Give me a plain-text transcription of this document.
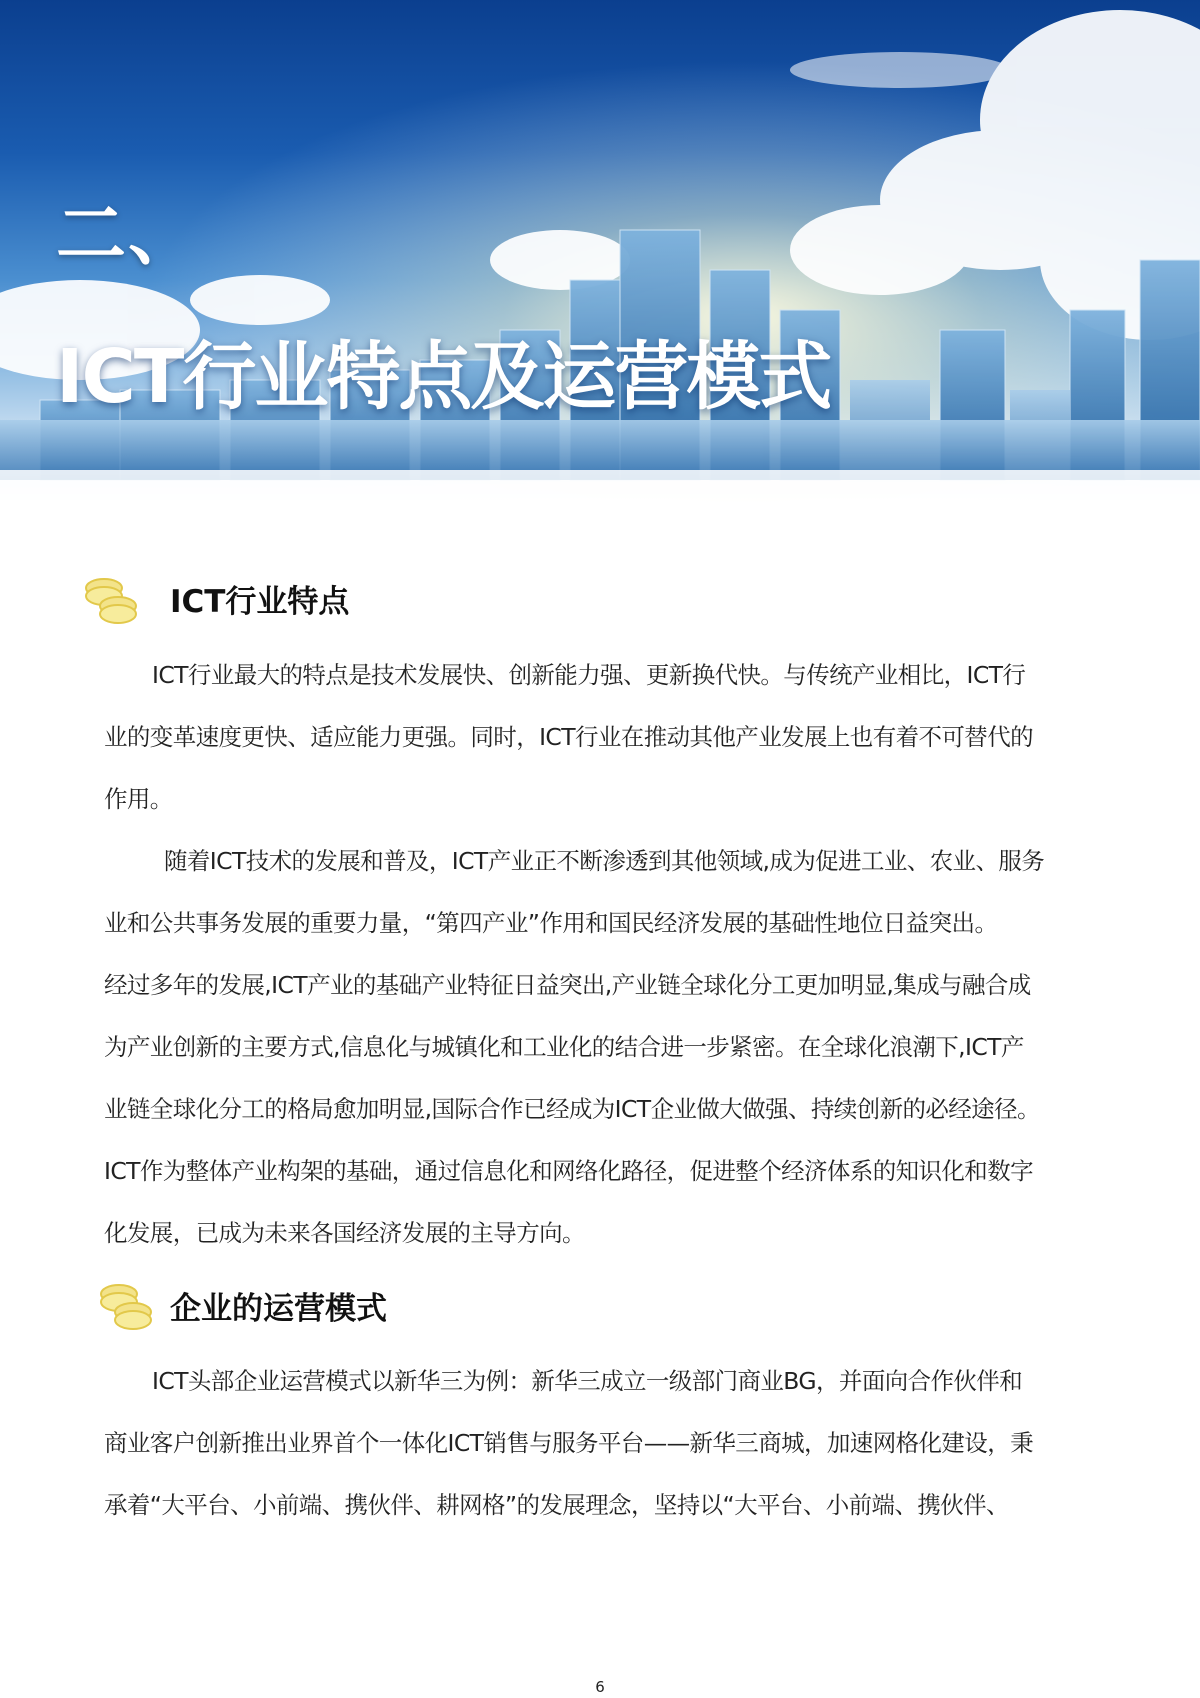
二、
ICT行业特点及运营模式
ICT行业特点
ICT行业最大的特点是技术发展快、创新能力强、更新换代快。与传统产业相比，ICT行
业的变革速度更快、适应能力更强。同时，ICT行业在推动其他产业发展上也有着不可替代的
作用。
随着ICT技术的发展和普及，ICT产业正不断渗透到其他领域,成为促进工业、农业、服务
业和公共事务发展的重要力量，“第四产业”作用和国民经济发展的基础性地位日益突出。
经过多年的发展,ICT产业的基础产业特征日益突出,产业链全球化分工更加明显,集成与融合成
为产业创新的主要方式,信息化与城镇化和工业化的结合进一步紧密。在全球化浪潮下,ICT产
业链全球化分工的格局愈加明显,国际合作已经成为ICT企业做大做强、持续创新的必经途径。
ICT作为整体产业构架的基础，通过信息化和网络化路径，促进整个经济体系的知识化和数字
化发展，已成为未来各国经济发展的主导方向。
企业的运营模式
ICT头部企业运营模式以新华三为例：新华三成立一级部门商业BG，并面向合作伙伴和
商业客户创新推出业界首个一体化ICT销售与服务平台——新华三商城，加速网格化建设，秉
承着“大平台、小前端、携伙伴、耕网格”的发展理念，坚持以“大平台、小前端、携伙伴、
6
